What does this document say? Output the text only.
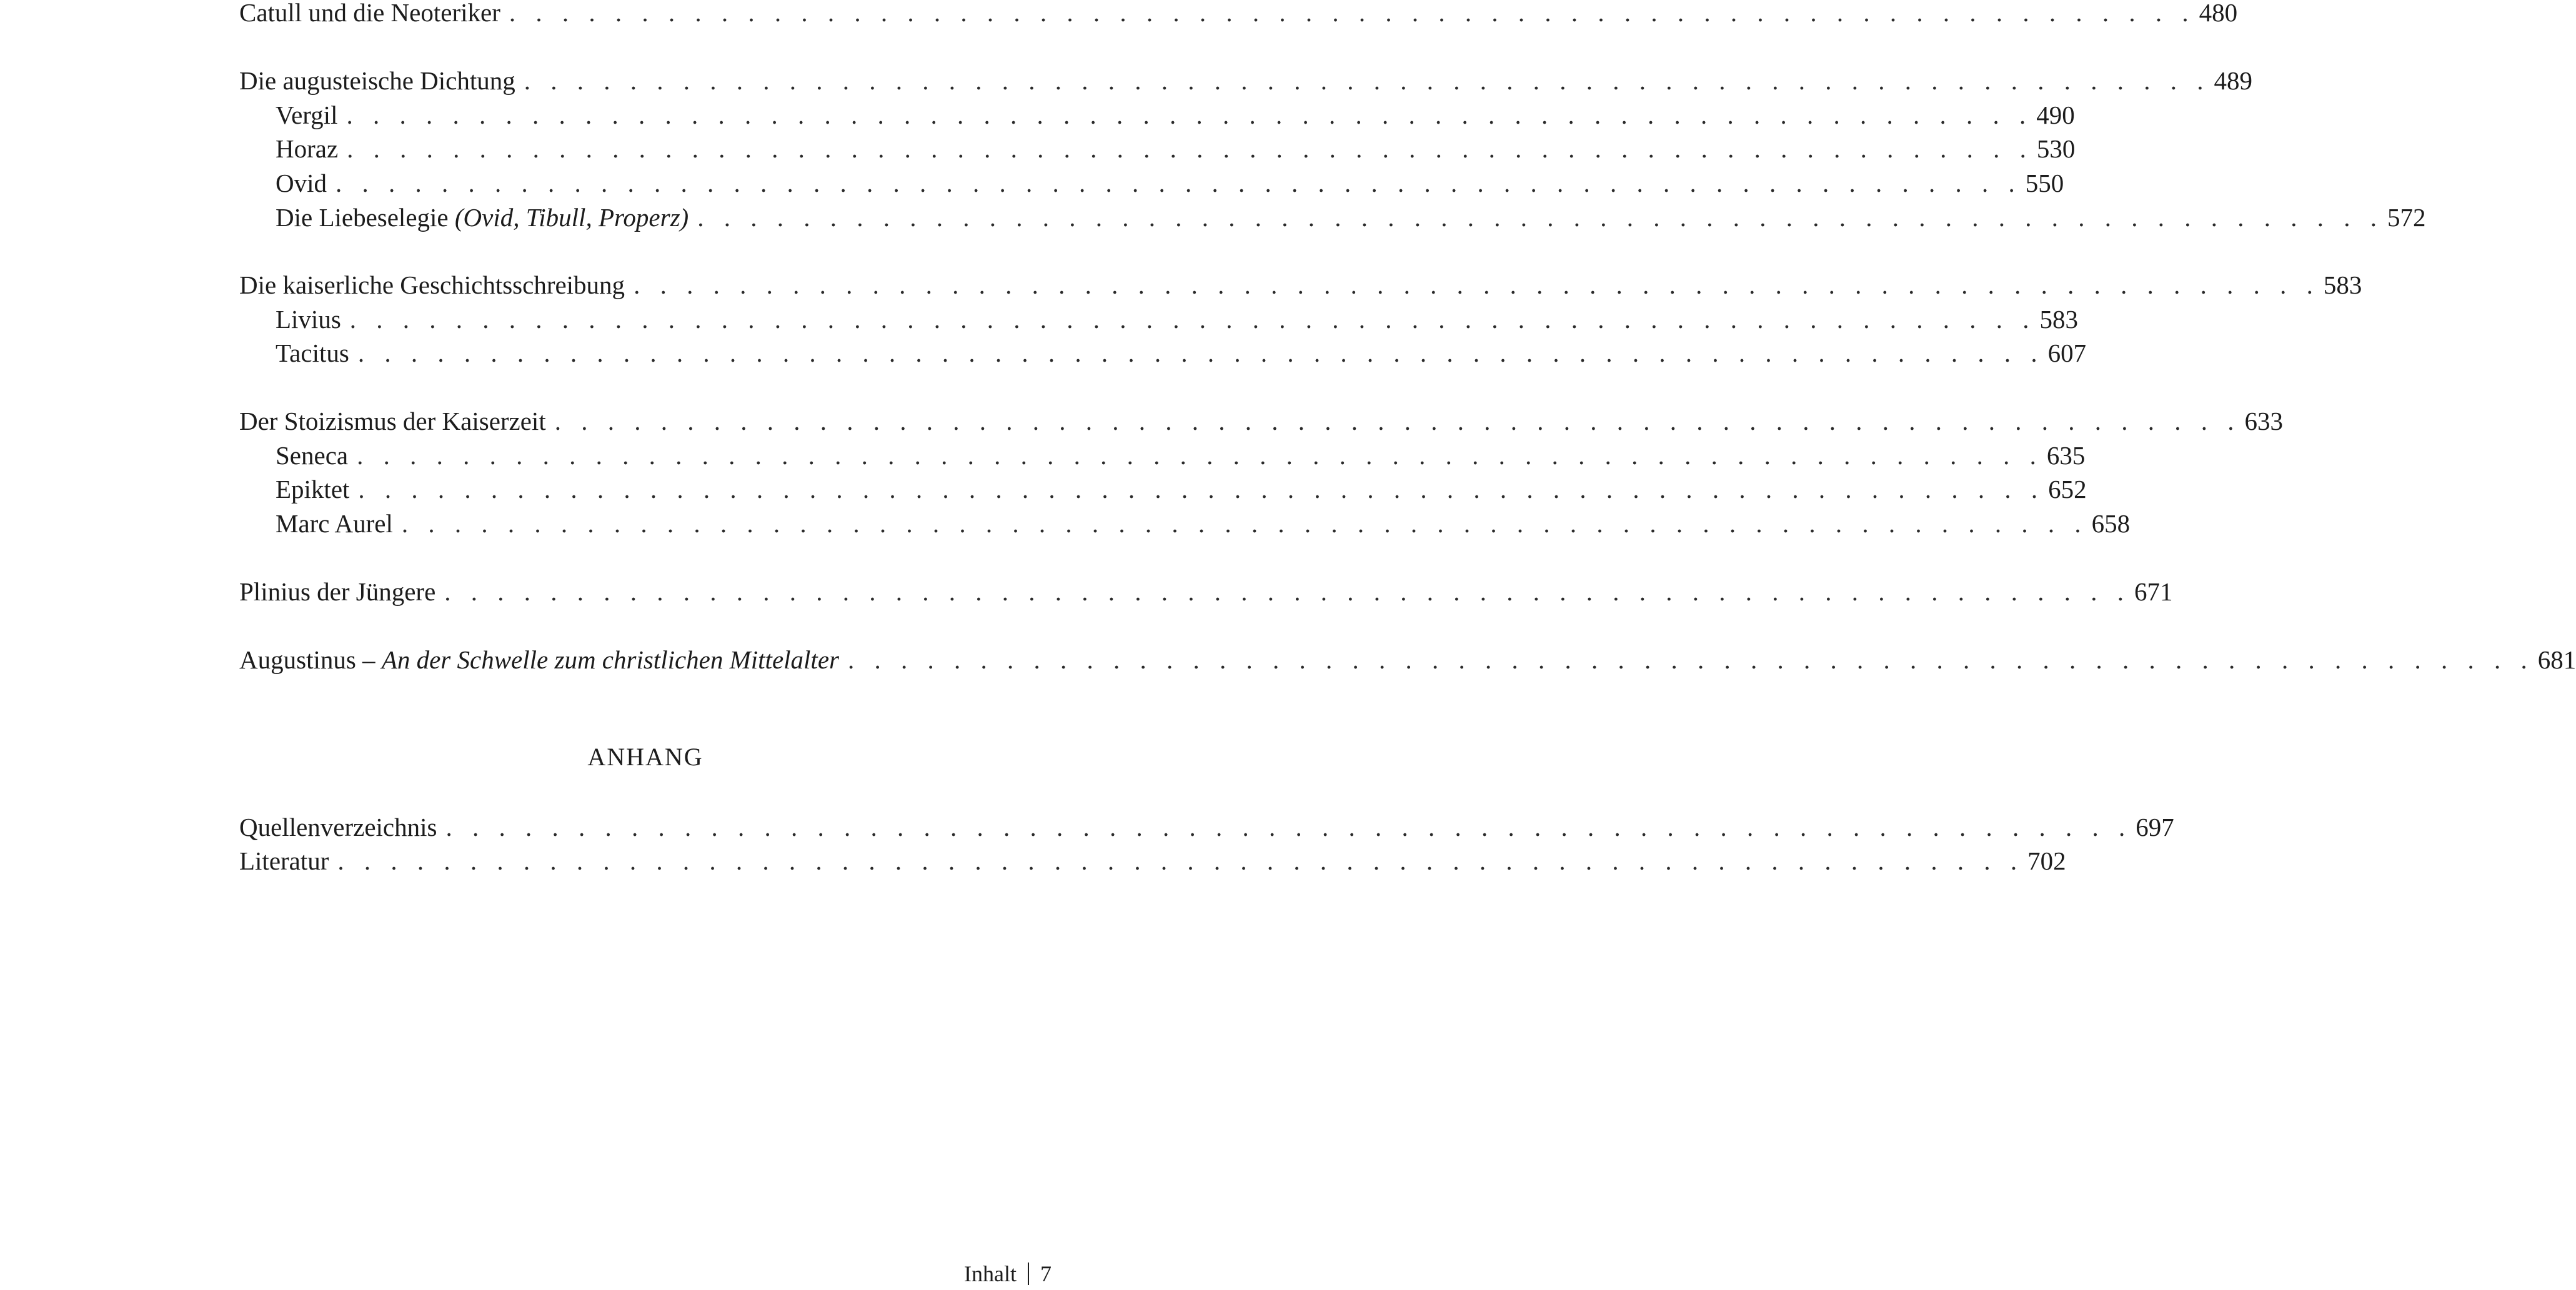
Catull und die Neoteriker . . . . . . . . . . . . . . . . . . . . . . . . . . . . . . . . . . . . . . . . . . . . . . . . . . . . . . . . . . . . . . . . 480
Die augusteische Dichtung . . . . . . . . . . . . . . . . . . . . . . . . . . . . . . . . . . . . . . . . . . . . . . . . . . . . . . . . . . . . . . . . 489
Vergil . . . . . . . . . . . . . . . . . . . . . . . . . . . . . . . . . . . . . . . . . . . . . . . . . . . . . . . . . . . . . . . . 490
Horaz . . . . . . . . . . . . . . . . . . . . . . . . . . . . . . . . . . . . . . . . . . . . . . . . . . . . . . . . . . . . . . . . 530
Ovid . . . . . . . . . . . . . . . . . . . . . . . . . . . . . . . . . . . . . . . . . . . . . . . . . . . . . . . . . . . . . . . . 550
Die Liebeselegie (Ovid, Tibull, Properz) . . . . . . . . . . . . . . . . . . . . . . . . . . . . . . . . . . . . . . . . . . . . . . . . . . . . . . . . . . . . . . . . 572
Die kaiserliche Geschichtsschreibung . . . . . . . . . . . . . . . . . . . . . . . . . . . . . . . . . . . . . . . . . . . . . . . . . . . . . . . . . . . . . . . . 583
Livius . . . . . . . . . . . . . . . . . . . . . . . . . . . . . . . . . . . . . . . . . . . . . . . . . . . . . . . . . . . . . . . . 583
Tacitus . . . . . . . . . . . . . . . . . . . . . . . . . . . . . . . . . . . . . . . . . . . . . . . . . . . . . . . . . . . . . . . . 607
Der Stoizismus der Kaiserzeit . . . . . . . . . . . . . . . . . . . . . . . . . . . . . . . . . . . . . . . . . . . . . . . . . . . . . . . . . . . . . . . . 633
Seneca . . . . . . . . . . . . . . . . . . . . . . . . . . . . . . . . . . . . . . . . . . . . . . . . . . . . . . . . . . . . . . . . 635
Epiktet . . . . . . . . . . . . . . . . . . . . . . . . . . . . . . . . . . . . . . . . . . . . . . . . . . . . . . . . . . . . . . . . 652
Marc Aurel . . . . . . . . . . . . . . . . . . . . . . . . . . . . . . . . . . . . . . . . . . . . . . . . . . . . . . . . . . . . . . . . 658
Plinius der Jüngere . . . . . . . . . . . . . . . . . . . . . . . . . . . . . . . . . . . . . . . . . . . . . . . . . . . . . . . . . . . . . . . . 671
Augustinus – An der Schwelle zum christlichen Mittelalter . . . . . . . . . . . . . . . . . . . . . . . . . . . . . . . . . . . . . . . . . . . . . . . . . . . . . . . . . . . . . . . . 681
ANHANG
Quellenverzeichnis . . . . . . . . . . . . . . . . . . . . . . . . . . . . . . . . . . . . . . . . . . . . . . . . . . . . . . . . . . . . . . . . 697
Literatur . . . . . . . . . . . . . . . . . . . . . . . . . . . . . . . . . . . . . . . . . . . . . . . . . . . . . . . . . . . . . . . . 702
Inhalt 7
